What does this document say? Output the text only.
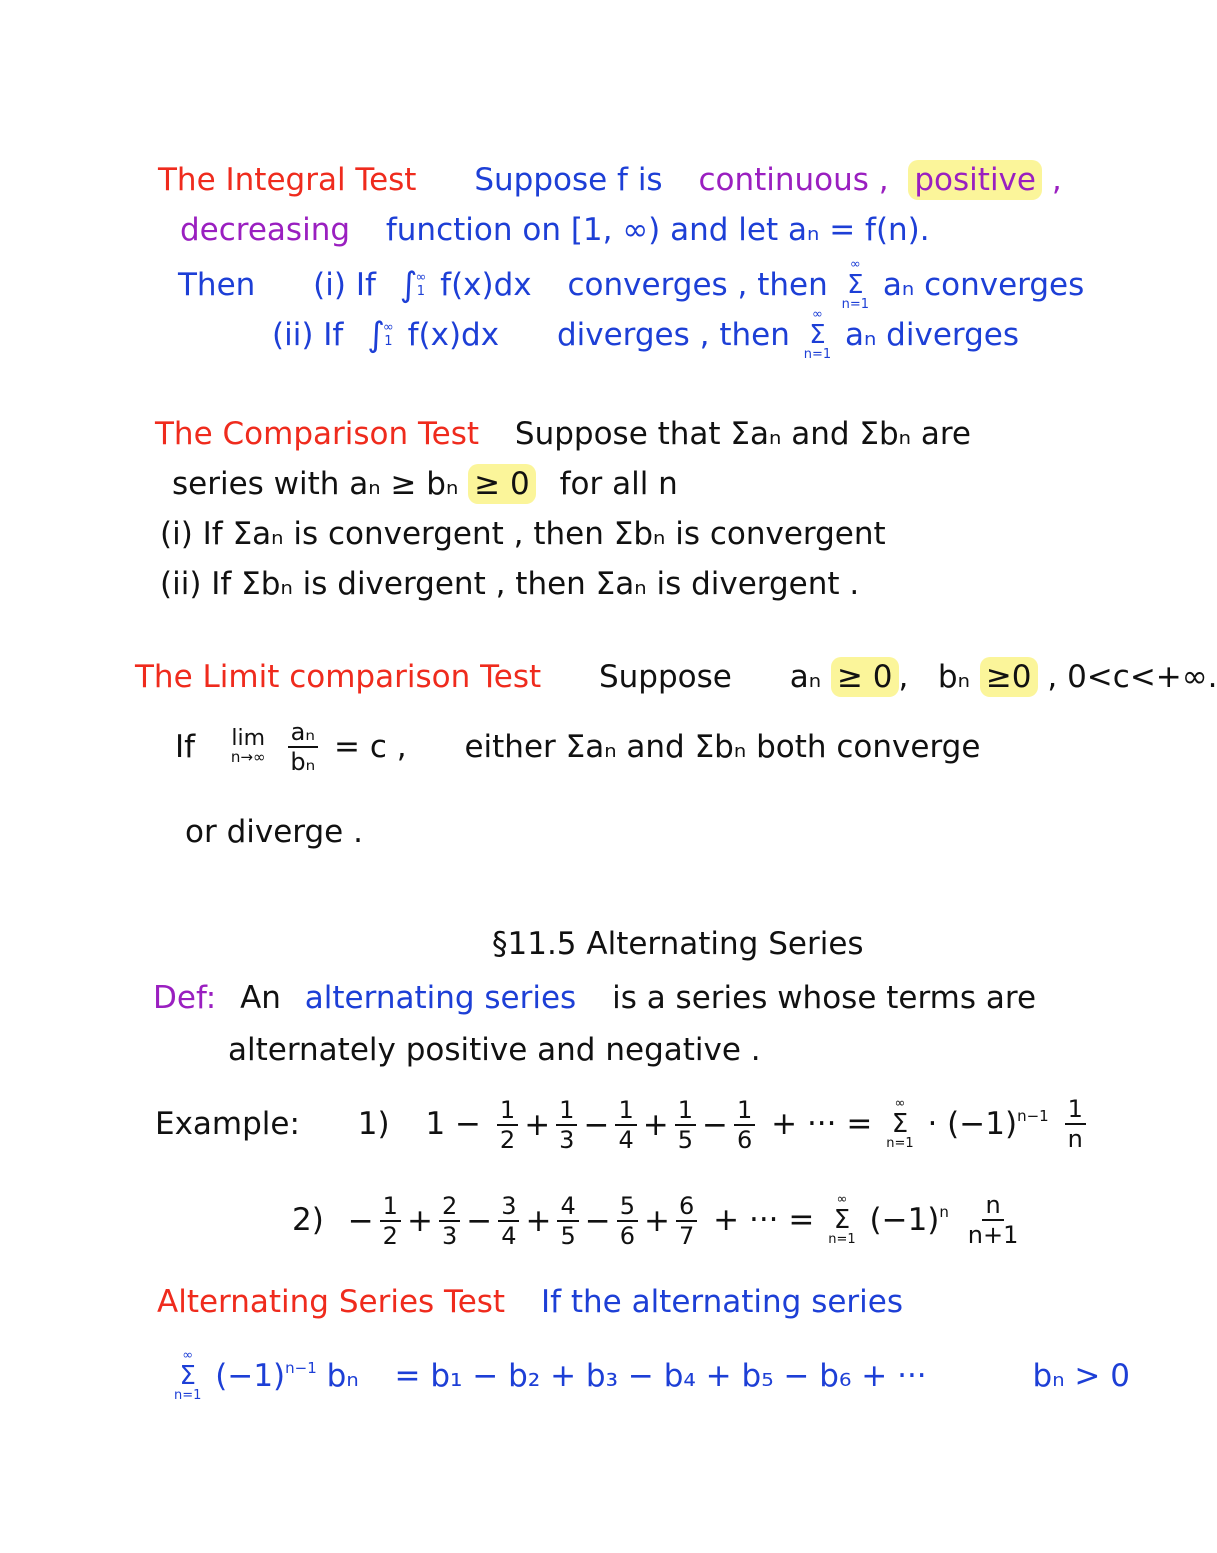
The Integral Test Suppose f is continuous ,  positive ,
decreasing function on [1, ∞) and let aₙ = f(n).
Then (i) If ∫
∞
1 f(x)dx converges , then
∞
Σ
n=1
aₙ converges
(ii) If ∫
∞
1 f(x)dx diverges , then
∞
Σ
n=1
aₙ diverges
The Comparison Test Suppose that Σaₙ and Σbₙ are
series with aₙ ≥ bₙ ≥ 0 for all n
(i) If Σaₙ is convergent , then Σbₙ is convergent
(ii) If Σbₙ is divergent , then Σaₙ is divergent .
The Limit comparison Test Suppose aₙ ≥ 0 ,   bₙ ≥0 , 0<c<+∞.
If lim
n→∞
$\frac{\text{aₙ}}{\text{bₙ}} = c$ , either Σaₙ and Σbₙ both converge
or diverge .
§11.5 Alternating Series
Def: An alternating series is a series whose terms are
alternately positive and negative .
Example: 1) $1 - \frac{1}{2} + \frac{1}{3} - \frac{1}{4} + \frac{1}{5} - \frac{1}{6}$ + ··· =
∞
Σ
n=1
· $(-1)^{n-1} \frac{1}{n}$
$2) - \frac{1}{2} + \frac{2}{3} - \frac{3}{4} + \frac{4}{5} - \frac{5}{6} + \frac{6}{7}$ + ··· =
∞
Σ
n=1
$(-1)^n \frac{n}{n+1}$
Alternating Series Test If the alternating series
∞
Σ
n=1
$(-1)^{n-1}$ bₙ = b₁ − b₂ + b₃ − b₄ + b₅ − b₆ + ···	bₙ > 0
